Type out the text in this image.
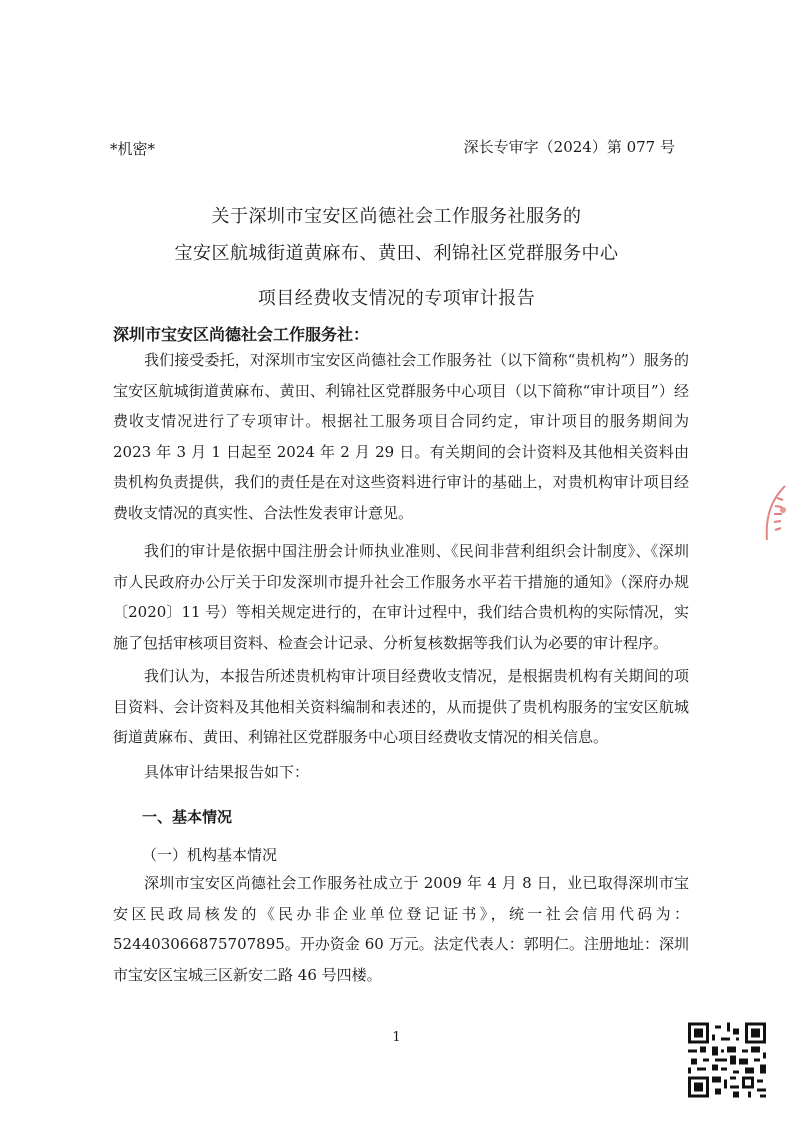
*机密*	深长专审字（2024）第 077 号
关于深圳市宝安区尚德社会工作服务社服务的
宝安区航城街道黄麻布、黄田、利锦社区党群服务中心
项目经费收支情况的专项审计报告
深圳市宝安区尚德社会工作服务社：

我们接受委托，对深圳市宝安区尚德社会工作服务社（以下简称“贵机构”）服务的宝安区航城街道黄麻布、黄田、利锦社区党群服务中心项目（以下简称“审计项目”）经费收支情况进行了专项审计。根据社工服务项目合同约定，审计项目的服务期间为 2023 年 3 月 1 日起至 2024 年 2 月 29 日。有关期间的会计资料及其他相关资料由贵机构负责提供，我们的责任是在对这些资料进行审计的基础上，对贵机构审计项目经费收支情况的真实性、合法性发表审计意见。

我们的审计是依据中国注册会计师执业准则、《民间非营利组织会计制度》、《深圳市人民政府办公厅关于印发深圳市提升社会工作服务水平若干措施的通知》（深府办规〔2020〕11 号）等相关规定进行的，在审计过程中，我们结合贵机构的实际情况，实施了包括审核项目资料、检查会计记录、分析复核数据等我们认为必要的审计程序。

我们认为，本报告所述贵机构审计项目经费收支情况，是根据贵机构有关期间的项目资料、会计资料及其他相关资料编制和表述的，从而提供了贵机构服务的宝安区航城街道黄麻布、黄田、利锦社区党群服务中心项目经费收支情况的相关信息。

具体审计结果报告如下：

一、基本情况
（一）机构基本情况

深圳市宝安区尚德社会工作服务社成立于 2009 年 4 月 8 日，业已取得深圳市宝安区民政局核发的《民办非企业单位登记证书》，统一社会信用代码为：524403066875707895。开办资金 60 万元。法定代表人：郭明仁。注册地址：深圳市宝安区宝城三区新安二路 46 号四楼。

1
